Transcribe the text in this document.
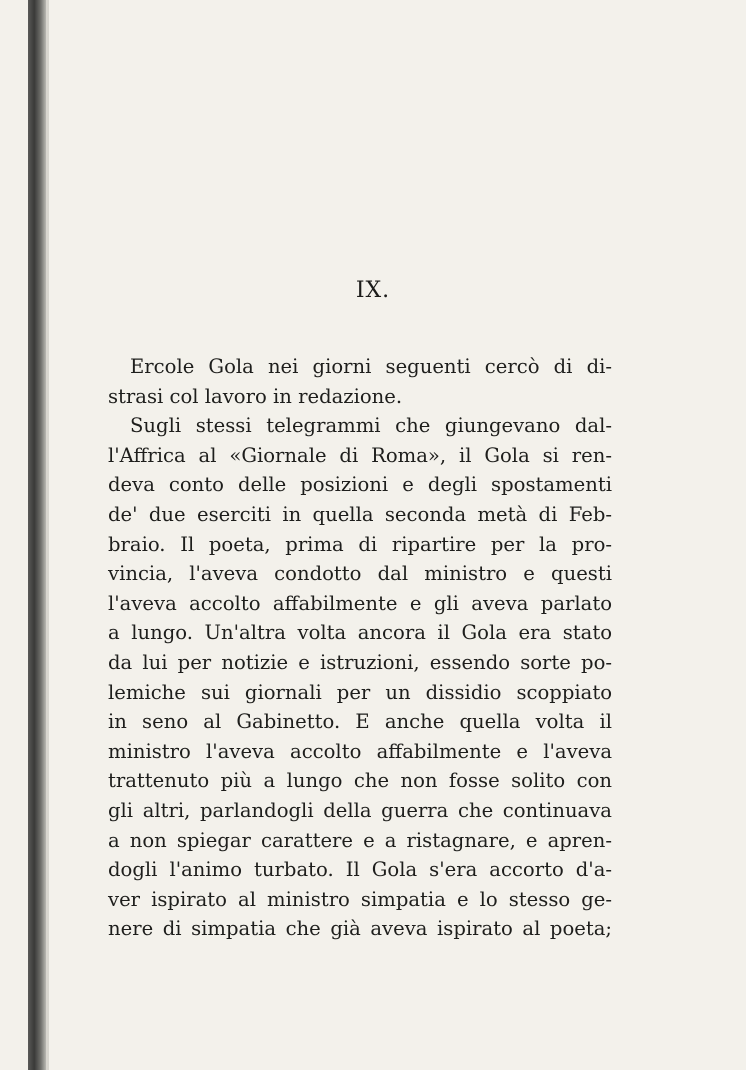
IX.
Ercole Gola nei giorni seguenti cercò di di-
strasi col lavoro in redazione.
Sugli stessi telegrammi che giungevano dal-
l'Affrica al «Giornale di Roma», il Gola si ren-
deva conto delle posizioni e degli spostamenti
de' due eserciti in quella seconda metà di Feb-
braio. Il poeta, prima di ripartire per la pro-
vincia, l'aveva condotto dal ministro e questi
l'aveva accolto affabilmente e gli aveva parlato
a lungo. Un'altra volta ancora il Gola era stato
da lui per notizie e istruzioni, essendo sorte po-
lemiche sui giornali per un dissidio scoppiato
in seno al Gabinetto. E anche quella volta il
ministro l'aveva accolto affabilmente e l'aveva
trattenuto più a lungo che non fosse solito con
gli altri, parlandogli della guerra che continuava
a non spiegar carattere e a ristagnare, e apren-
dogli l'animo turbato. Il Gola s'era accorto d'a-
ver ispirato al ministro simpatia e lo stesso ge-
nere di simpatia che già aveva ispirato al poeta;
